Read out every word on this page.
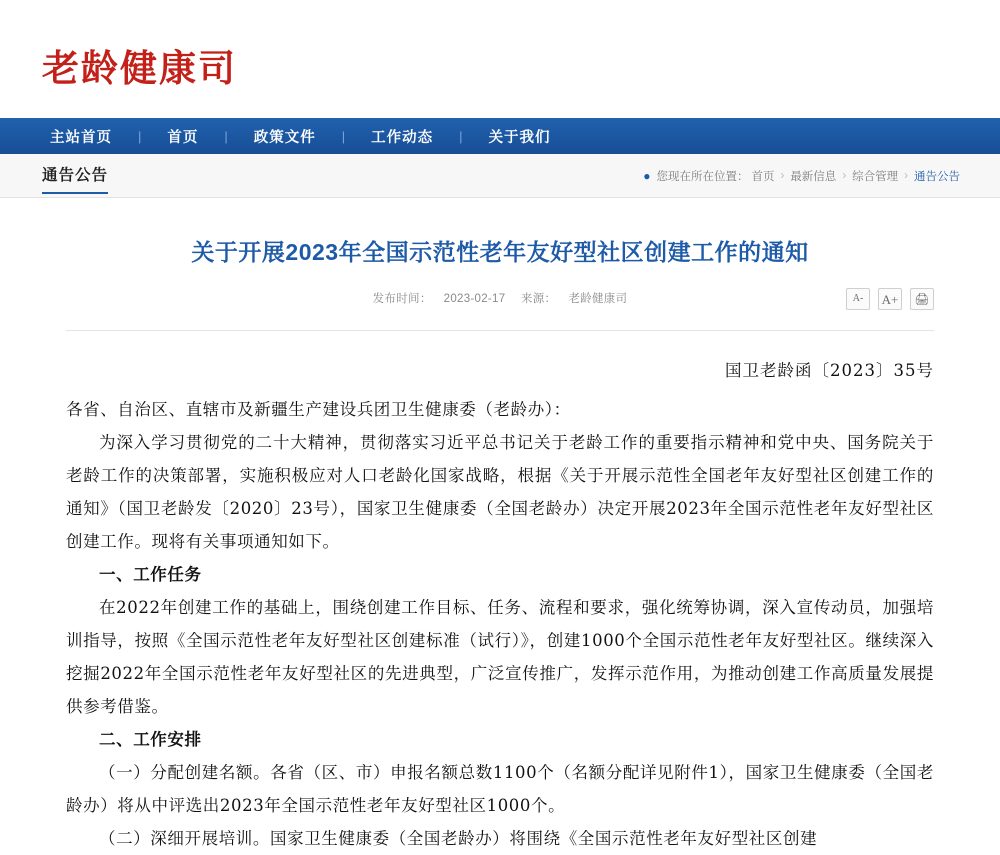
老龄健康司
主站首页	| 首页	| 政策文件	| 工作动态	| 关于我们
通告公告	● 您现在所在位置： 首页 › 最新信息 › 综合管理 › 通告公告
关于开展2023年全国示范性老年友好型社区创建工作的通知
发布时间： 2023-02-17 来源： 老龄健康司	A-	A+	🖨
国卫老龄函〔2023〕35号

各省、自治区、直辖市及新疆生产建设兵团卫生健康委（老龄办）：

为深入学习贯彻党的二十大精神，贯彻落实习近平总书记关于老龄工作的重要指示精神和党中央、国务院关于老龄工作的决策部署，实施积极应对人口老龄化国家战略，根据《关于开展示范性全国老年友好型社区创建工作的通知》（国卫老龄发〔2020〕23号），国家卫生健康委（全国老龄办）决定开展2023年全国示范性老年友好型社区创建工作。现将有关事项通知如下。

一、工作任务

在2022年创建工作的基础上，围绕创建工作目标、任务、流程和要求，强化统筹协调，深入宣传动员，加强培训指导，按照《全国示范性老年友好型社区创建标准（试行）》，创建1000个全国示范性老年友好型社区。继续深入挖掘2022年全国示范性老年友好型社区的先进典型，广泛宣传推广，发挥示范作用，为推动创建工作高质量发展提供参考借鉴。

二、工作安排

（一）分配创建名额。各省（区、市）申报名额总数1100个（名额分配详见附件1），国家卫生健康委（全国老龄办）将从中评选出2023年全国示范性老年友好型社区1000个。

（二）深细开展培训。国家卫生健康委（全国老龄办）将围绕《全国示范性老年友好型社区创建
